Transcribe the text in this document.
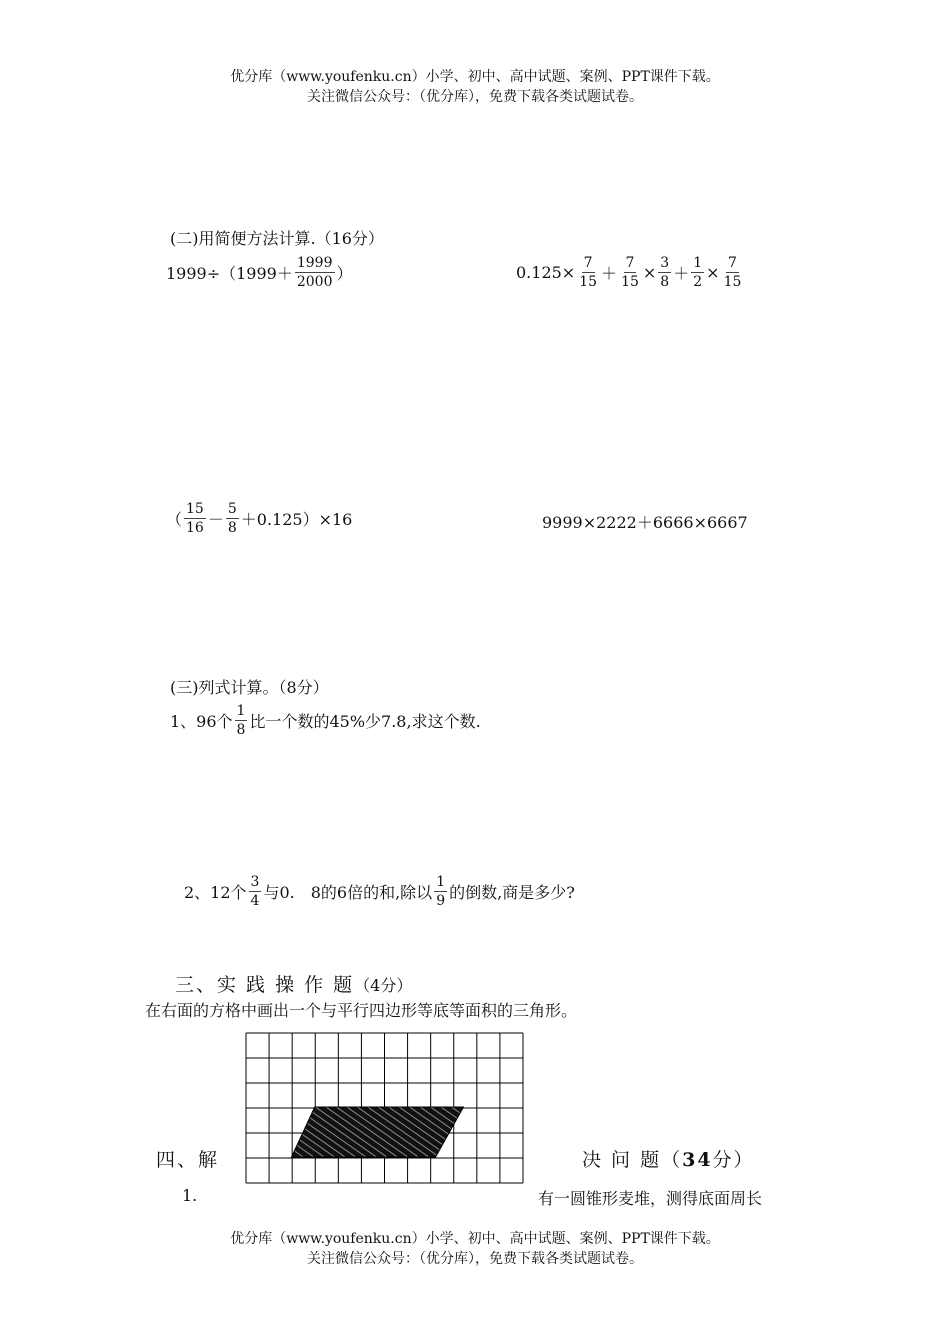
优分库（www.youfenku.cn）小学、初中、高中试题、案例、PPT课件下载。
关注微信公众号：（优分库），免费下载各类试题试卷。
(二)用简便方法计算.（16分）
$1999\div(1999+ \frac{1999}{2000}$ ）	$0.125\times \frac{7}{15} + \frac{7}{15} \times \frac{3}{8} + \frac{1}{2} \times \frac{7}{15}$
（ $\frac{15}{16} - \frac{5}{8} +0.125)\times 16$	9999×2222＋6666×6667
(三)列式计算。（8分）
1、96个 $\frac{1}{8}$ 比一个数的45%少7.8,求这个数.
2、12个 $\frac{3}{4}$ 与0.　8的6倍的和,除以 $\frac{1}{9}$ 的倒数,商是多少?
三、实 践 操 作 题（4分）
在右面的方格中画出一个与平行四边形等底等面积的三角形。
四、解	决 问 题（34分）
1.	有一圆锥形麦堆，测得底面周长
优分库（www.youfenku.cn）小学、初中、高中试题、案例、PPT课件下载。
关注微信公众号：（优分库），免费下载各类试题试卷。
